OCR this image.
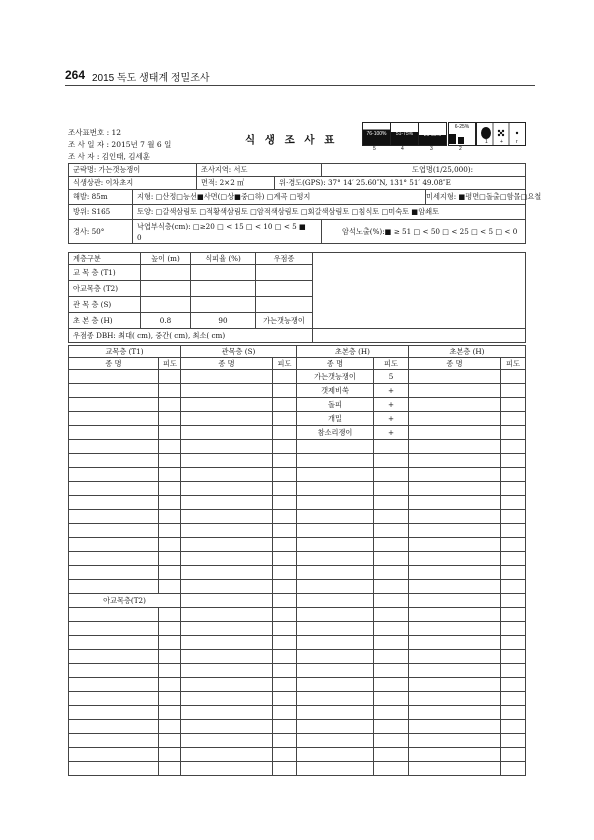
264 2015 독도 생태계 정밀조사
조사표번호 : 12
조 사 일 자 : 2015년 7 월 6 일
조 사 자 : 김인태, 김세훈
식 생 조 사 표	76-100%	51-75%	26-50%
6-25%
5	4	3	2
1 +	r
군락명: 가는갯능쟁이		조사지역: 서도		도엽명(1/25,000):	
식생상관: 이차초지		면적: 2×2 ㎡	위·경도(GPS): 37° 14′ 25.60″N, 131° 51′ 49.08″E		
해발: 85m	지형: □산정□능선■사면(□상■중□하) □계곡 □평지				미세지형: ■평면□돌출□함몰□요철
방위: S165	토양: □갈색삼림토 □적황색삼림토 □암적색삼림토 □회갈색삼림토 □침식토 □미숙토 ■암쇄토				
경사: 50°	낙엽부식층(cm): □≥20 □ < 15 □ < 10 □ < 5 ■
0			암석노출(%):■ ≥ 51 □ < 50 □ < 25 □ < 5 □ < 0	
계층구분	높이 (m)	식피율 (%)	우점종	
교 목 층 (T1)				
아교목층 (T2)				
관 목 층 (S)				
초 본 층 (H)	0.8	90	가는갯능쟁이	
우점종 DBH: 최대( cm), 중간( cm), 최소( cm)				
교목층 (T1)		관목층 (S)		초본층 (H)		초본층 (H)	
종 명	피도	종 명	피도	종 명	피도	종 명	피도
				가는갯능쟁이	5		
				갯제비쑥	+		
				돌피	+		
				개밀	+		
				참소리쟁이	+		

아교목층(T2)							
